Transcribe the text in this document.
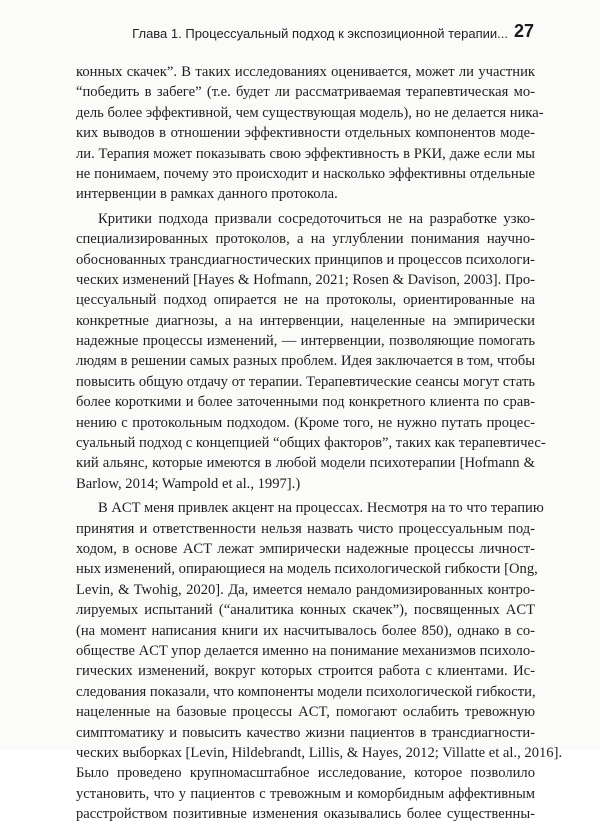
Глава 1. Процессуальный подход к экспозиционной терапии... 27
конных скачек”. В таких исследованиях оценивается, может ли участник
“победить в забеге” (т.е. будет ли рассматриваемая терапевтическая мо-
дель более эффективной, чем существующая модель), но не делается ника-
ких выводов в отношении эффективности отдельных компонентов моде-
ли. Терапия может показывать свою эффективность в РКИ, даже если мы
не понимаем, почему это происходит и насколько эффективны отдельные
интервенции в рамках данного протокола.
Критики подхода призвали сосредоточиться не на разработке узко-
специализированных протоколов, а на углублении понимания научно-
обоснованных трансдиагностических принципов и процессов психологи-
ческих изменений [Hayes & Hofmann, 2021; Rosen & Davison, 2003]. Про-
цессуальный подход опирается не на протоколы, ориентированные на
конкретные диагнозы, а на интервенции, нацеленные на эмпирически
надежные процессы изменений, — интервенции, позволяющие помогать
людям в решении самых разных проблем. Идея заключается в том, чтобы
повысить общую отдачу от терапии. Терапевтические сеансы могут стать
более короткими и более заточенными под конкретного клиента по срав-
нению с протокольным подходом. (Кроме того, не нужно путать процес-
суальный подход с концепцией “общих факторов”, таких как терапевтичес-
кий альянс, которые имеются в любой модели психотерапии [Hofmann &
Barlow, 2014; Wampold et al., 1997].)
В ACT меня привлек акцент на процессах. Несмотря на то что терапию
принятия и ответственности нельзя назвать чисто процессуальным под-
ходом, в основе ACT лежат эмпирически надежные процессы личност-
ных изменений, опирающиеся на модель психологической гибкости [Ong,
Levin, & Twohig, 2020]. Да, имеется немало рандомизированных контро-
лируемых испытаний (“аналитика конных скачек”), посвященных ACT
(на момент написания книги их насчитывалось более 850), однако в со-
обществе ACT упор делается именно на понимание механизмов психоло-
гических изменений, вокруг которых строится работа с клиентами. Ис-
следования показали, что компоненты модели психологической гибкости,
нацеленные на базовые процессы ACT, помогают ослабить тревожную
симптоматику и повысить качество жизни пациентов в трансдиагности-
ческих выборках [Levin, Hildebrandt, Lillis, & Hayes, 2012; Villatte et al., 2016].
Было проведено крупномасштабное исследование, которое позволило
установить, что у пациентов с тревожным и коморбидным аффективным
расстройством позитивные изменения оказывались более существенны-
